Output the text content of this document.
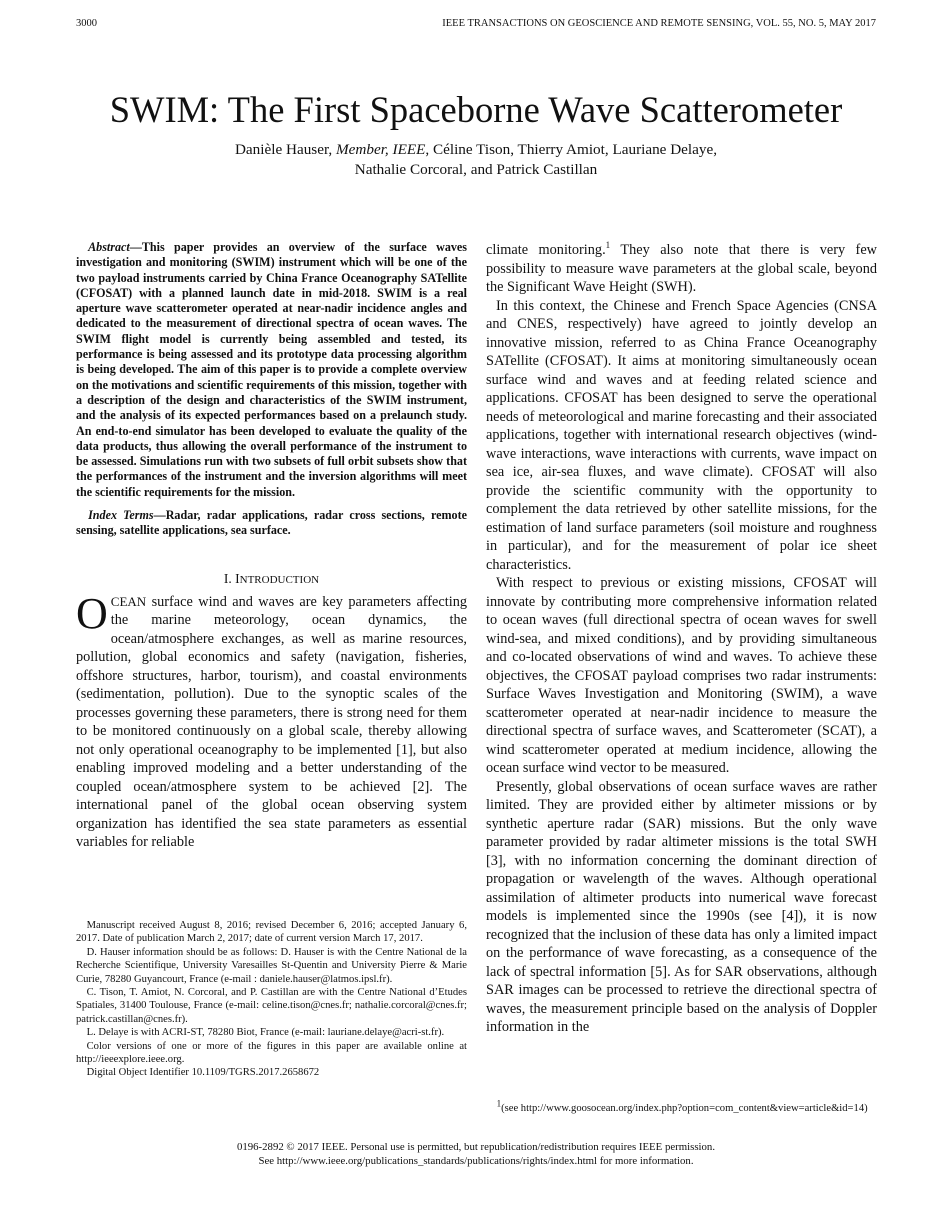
3000	IEEE TRANSACTIONS ON GEOSCIENCE AND REMOTE SENSING, VOL. 55, NO. 5, MAY 2017
SWIM: The First Spaceborne Wave Scatterometer
Danièle Hauser, Member, IEEE, Céline Tison, Thierry Amiot, Lauriane Delaye,
Nathalie Corcoral, and Patrick Castillan

Abstract—This paper provides an overview of the surface waves investigation and monitoring (SWIM) instrument which will be one of the two payload instruments carried by China France Oceanography SATellite (CFOSAT) with a planned launch date in mid-2018. SWIM is a real aperture wave scatterometer operated at near-nadir incidence angles and dedicated to the measurement of directional spectra of ocean waves. The SWIM flight model is currently being assembled and tested, its performance is being assessed and its prototype data processing algorithm is being developed. The aim of this paper is to provide a complete overview on the motivations and scientific requirements of this mission, together with a description of the design and characteristics of the SWIM instrument, and the analysis of its expected performances based on a prelaunch study. An end-to-end simulator has been developed to evaluate the quality of the data products, thus allowing the overall performance of the instrument to be assessed. Simulations run with two subsets of full orbit subsets show that the performances of the instrument and the inversion algorithms will meet the scientific requirements for the mission.

Index Terms—Radar, radar applications, radar cross sections, remote sensing, satellite applications, sea surface.

I. INTRODUCTION

OCEAN surface wind and waves are key parameters affecting the marine meteorology, ocean dynamics, the ocean/atmosphere exchanges, as well as marine resources, pollution, global economics and safety (navigation, fisheries, offshore structures, harbor, tourism), and coastal environments (sedimentation, pollution). Due to the synoptic scales of the processes governing these parameters, there is strong need for them to be monitored continuously on a global scale, thereby allowing not only operational oceanography to be implemented [1], but also enabling improved modeling and a better understanding of the coupled ocean/atmosphere system to be achieved [2]. The international panel of the global ocean observing system organization has identified the sea state parameters as essential variables for reliable

Manuscript received August 8, 2016; revised December 6, 2016; accepted January 6, 2017. Date of publication March 2, 2017; date of current version March 17, 2017.

D. Hauser information should be as follows: D. Hauser is with the Centre National de la Recherche Scientifique, University Varesailles St-Quentin and University Pierre & Marie Curie, 78280 Guyancourt, France (e-mail : daniele.hauser@latmos.ipsl.fr).

C. Tison, T. Amiot, N. Corcoral, and P. Castillan are with the Centre National d’Etudes Spatiales, 31400 Toulouse, France (e-mail: celine.tison@cnes.fr; nathalie.corcoral@cnes.fr; patrick.castillan@cnes.fr).

L. Delaye is with ACRI-ST, 78280 Biot, France (e-mail: lauriane.delaye@acri-st.fr).

Color versions of one or more of the figures in this paper are available online at http://ieeexplore.ieee.org.

Digital Object Identifier 10.1109/TGRS.2017.2658672

climate monitoring.$^1$ They also note that there is very few possibility to measure wave parameters at the global scale, beyond the Significant Wave Height (SWH).

In this context, the Chinese and French Space Agencies (CNSA and CNES, respectively) have agreed to jointly develop an innovative mission, referred to as China France Oceanography SATellite (CFOSAT). It aims at monitoring simultaneously ocean surface wind and waves and at feeding related science and applications. CFOSAT has been designed to serve the operational needs of meteorological and marine forecasting and their associated applications, together with international research objectives (wind-wave interactions, wave interactions with currents, wave impact on sea ice, air-sea fluxes, and wave climate). CFOSAT will also provide the scientific community with the opportunity to complement the data retrieved by other satellite missions, for the estimation of land surface parameters (soil moisture and roughness in particular), and for the measurement of polar ice sheet characteristics.

With respect to previous or existing missions, CFOSAT will innovate by contributing more comprehensive information related to ocean waves (full directional spectra of ocean waves for swell wind-sea, and mixed conditions), and by providing simultaneous and co-located observations of wind and waves. To achieve these objectives, the CFOSAT payload comprises two radar instruments: Surface Waves Investigation and Monitoring (SWIM), a wave scatterometer operated at near-nadir incidence to measure the directional spectra of surface waves, and Scatterometer (SCAT), a wind scatterometer operated at medium incidence, allowing the ocean surface wind vector to be measured.

Presently, global observations of ocean surface waves are rather limited. They are provided either by altimeter missions or by synthetic aperture radar (SAR) missions. But the only wave parameter provided by radar altimeter missions is the total SWH [3], with no information concerning the dominant direction of propagation or wavelength of the waves. Although operational assimilation of altimeter products into numerical wave forecast models is implemented since the 1990s (see [4]), it is now recognized that the inclusion of these data has only a limited impact on the performance of wave forecasting, as a consequence of the lack of spectral information [5]. As for SAR observations, although SAR images can be processed to retrieve the directional spectra of waves, the measurement principle based on the analysis of Doppler information in the

$^1$(see http://www.goosocean.org/index.php?option=com_content&view=article&id=14)

0196-2892 © 2017 IEEE. Personal use is permitted, but republication/redistribution requires IEEE permission.
See http://www.ieee.org/publications_standards/publications/rights/index.html for more information.
